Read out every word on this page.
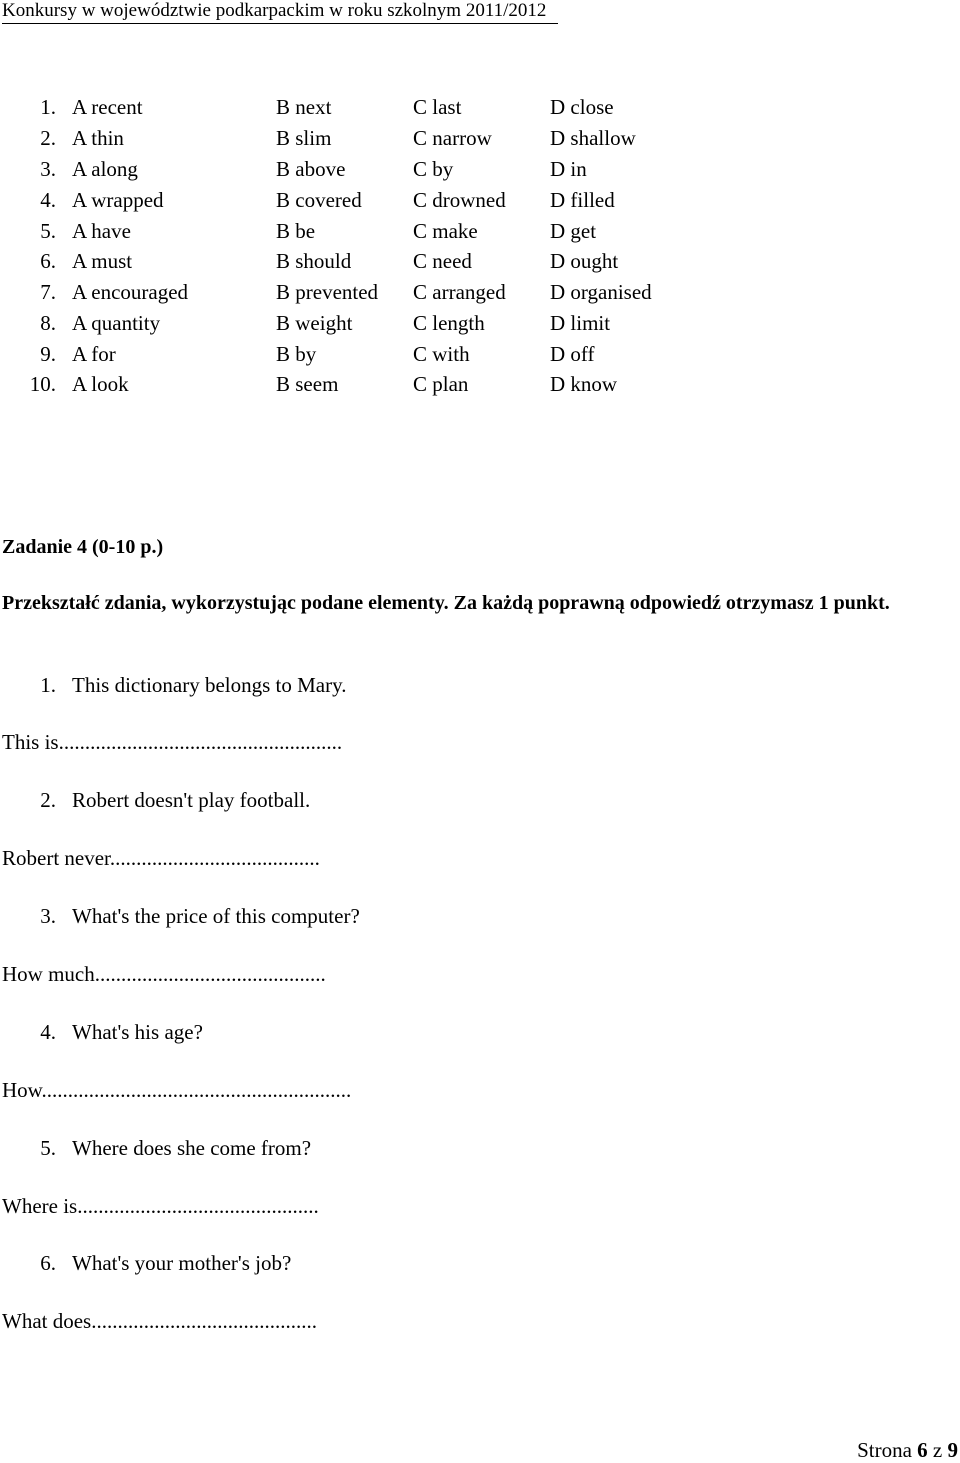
Konkursy w województwie podkarpackim w roku szkolnym 2011/2012
1. A recent	B next	C last	D close
2. A thin	B slim	C narrow	D shallow
3. A along	B above	C by	D in
4. A wrapped	B covered C drowned D filled
5. A have	B be	C make	D get
6. A must	B should	C need	D ought
7. A encouraged	B prevented C arranged D organised
8. A quantity	B weight	C length	D limit
9. A for	B by	C with	D off
10. A look	B seem	C plan	D know
Zadanie 4 (0-10 p.)
Przekształć zdania, wykorzystując podane elementy. Za każdą poprawną odpowiedź otrzymasz 1 punkt.
1. This dictionary belongs to Mary.
This is......................................................
2. Robert doesn't play football.
Robert never........................................
3. What's the price of this computer?
How much............................................
4. What's his age?
How...........................................................
5. Where does she come from?
Where is..............................................
6. What's your mother's job?
What does...........................................
Strona 6 z 9
